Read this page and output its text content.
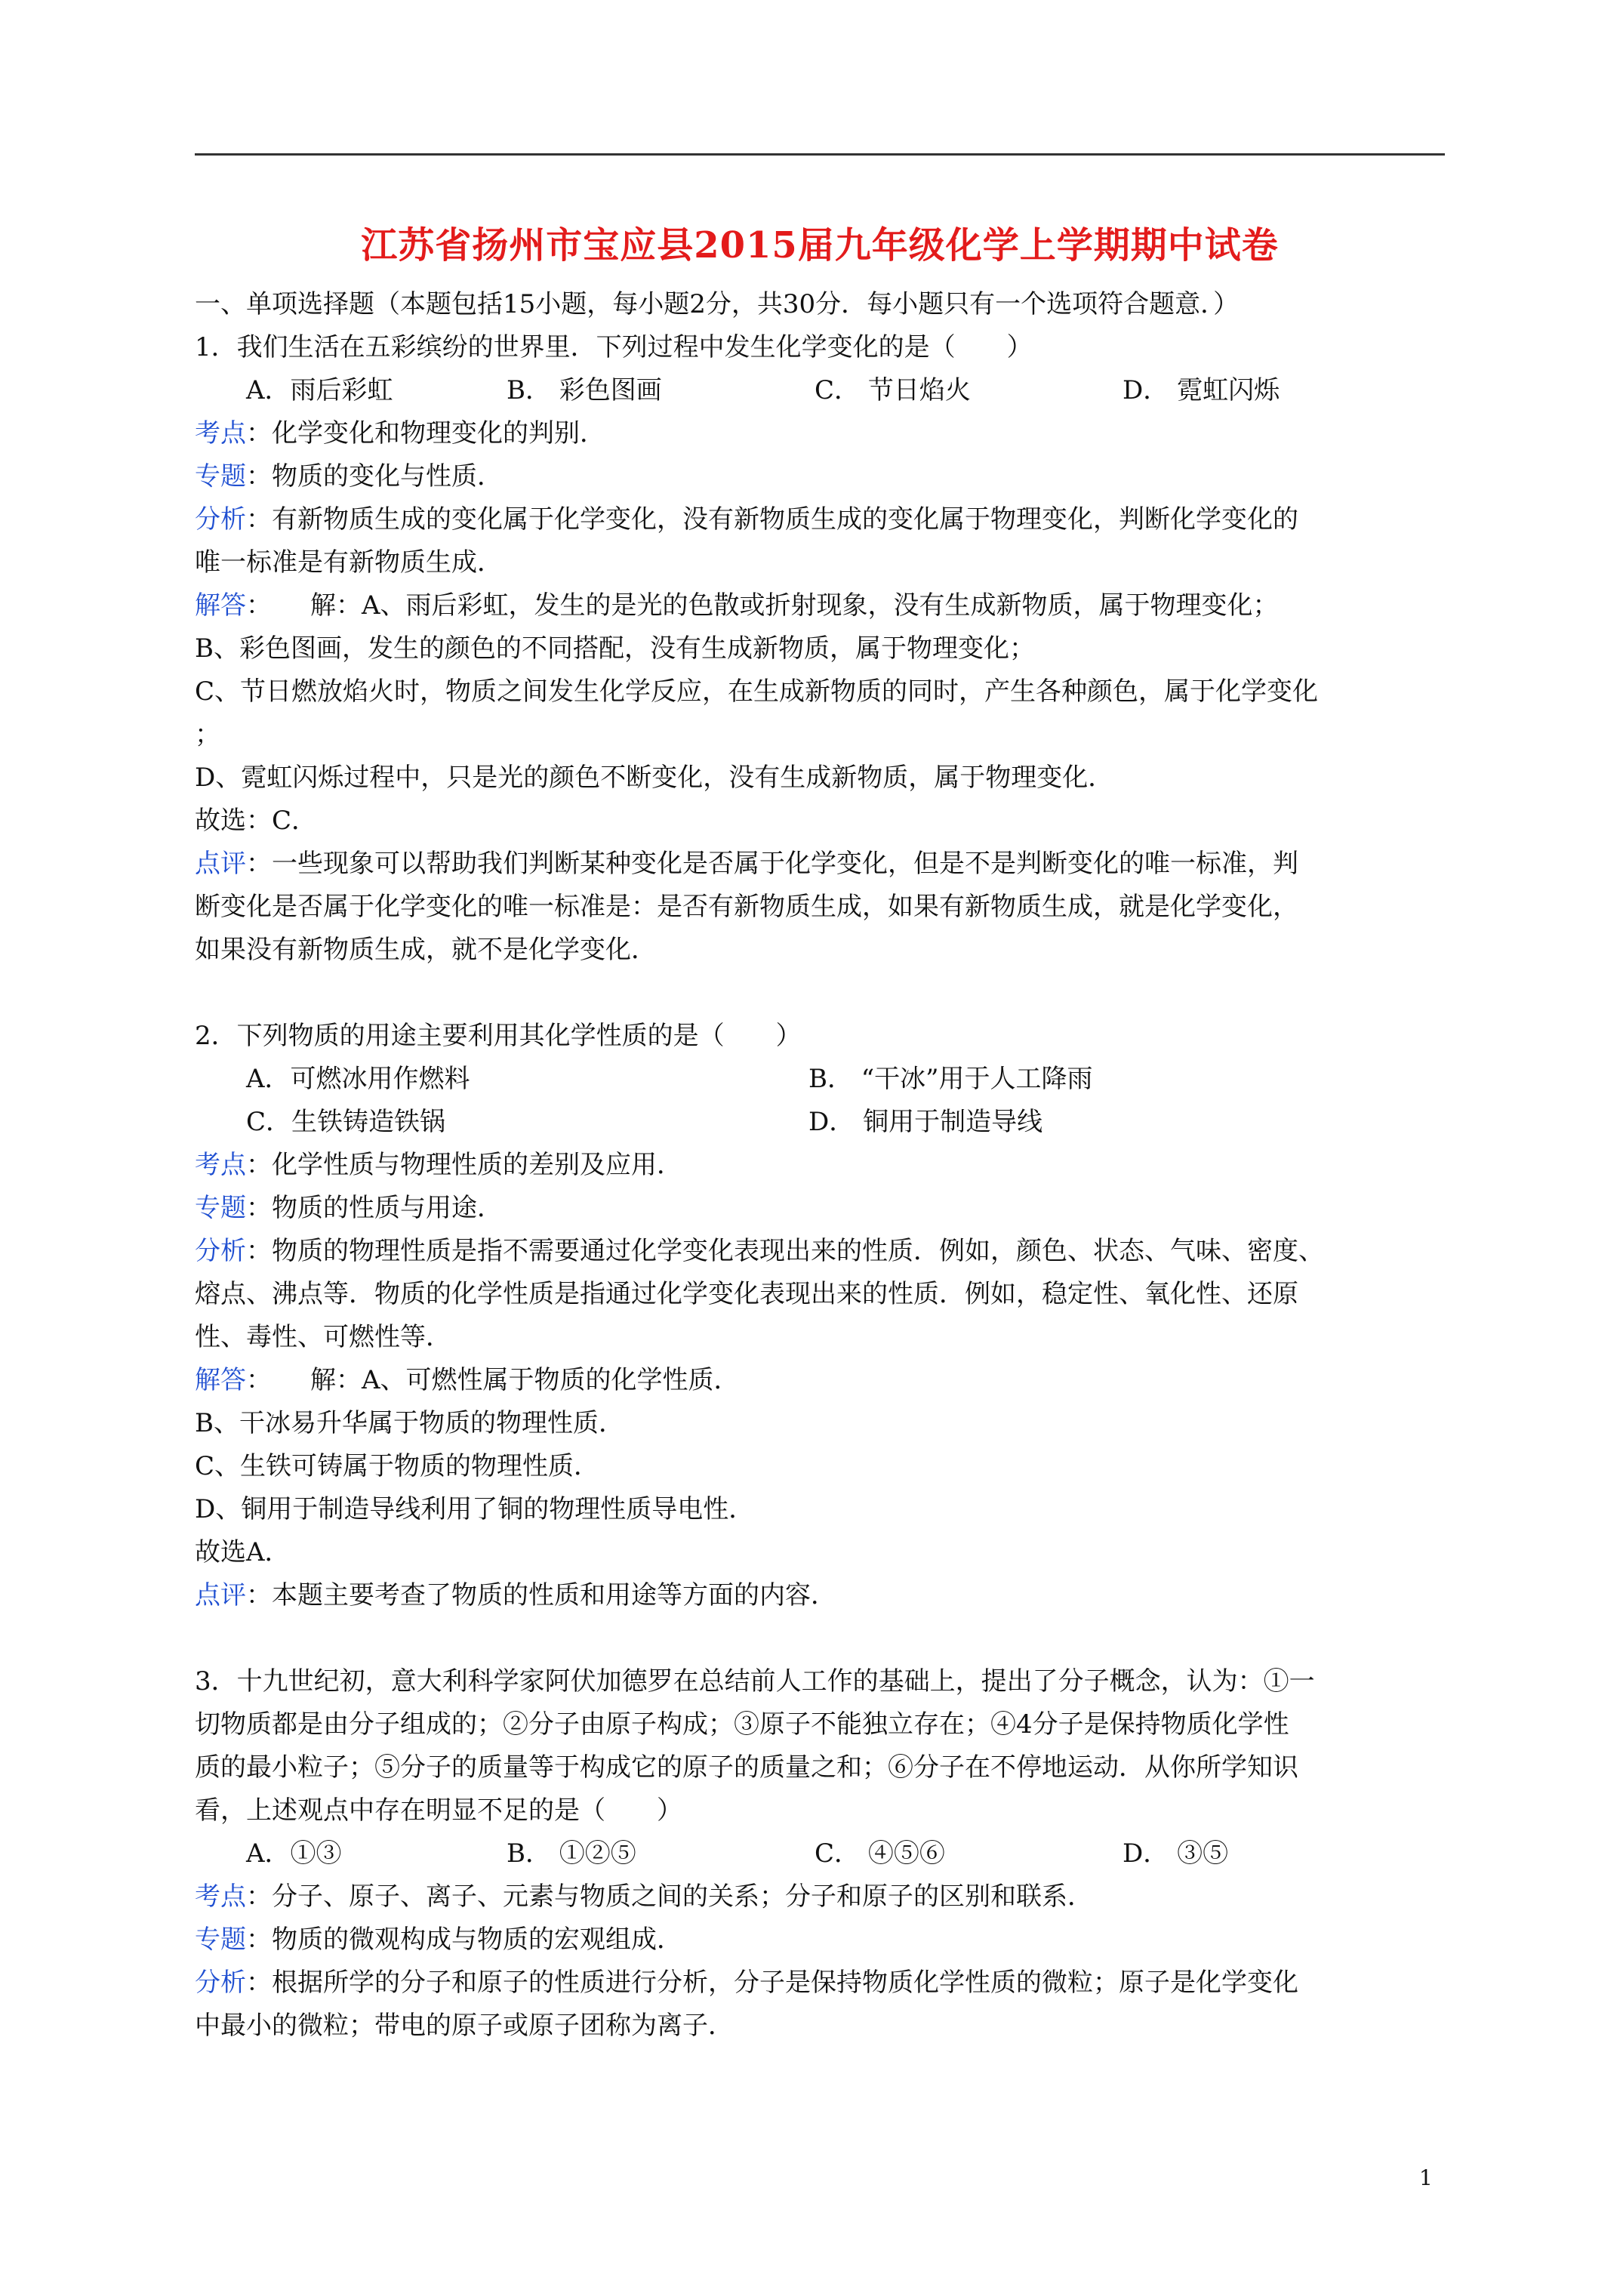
江苏省扬州市宝应县2015届九年级化学上学期期中试卷
一、单项选择题（本题包括15小题，每小题2分，共30分．每小题只有一个选项符合题意．）
1．我们生活在五彩缤纷的世界里．下列过程中发生化学变化的是（　　）
A．雨后彩虹	B． 彩色图画	C． 节日焰火	D． 霓虹闪烁
考点：化学变化和物理变化的判别．
专题：物质的变化与性质．
分析：有新物质生成的变化属于化学变化，没有新物质生成的变化属于物理变化，判断化学变化的
唯一标准是有新物质生成．
解答：　　解：A、雨后彩虹，发生的是光的色散或折射现象，没有生成新物质，属于物理变化；
B、彩色图画，发生的颜色的不同搭配，没有生成新物质，属于物理变化；
C、节日燃放焰火时，物质之间发生化学反应，在生成新物质的同时，产生各种颜色，属于化学变化
；
D、霓虹闪烁过程中，只是光的颜色不断变化，没有生成新物质，属于物理变化．
故选：C．
点评：一些现象可以帮助我们判断某种变化是否属于化学变化，但是不是判断变化的唯一标准，判
断变化是否属于化学变化的唯一标准是：是否有新物质生成，如果有新物质生成，就是化学变化，
如果没有新物质生成，就不是化学变化．
2．下列物质的用途主要利用其化学性质的是（　　）
A．可燃冰用作燃料	B． “干冰”用于人工降雨
C．生铁铸造铁锅	D． 铜用于制造导线
考点：化学性质与物理性质的差别及应用．
专题：物质的性质与用途．
分析：物质的物理性质是指不需要通过化学变化表现出来的性质．例如，颜色、状态、气味、密度、
熔点、沸点等．物质的化学性质是指通过化学变化表现出来的性质．例如，稳定性、氧化性、还原
性、毒性、可燃性等．
解答：　　解：A、可燃性属于物质的化学性质．
B、干冰易升华属于物质的物理性质．
C、生铁可铸属于物质的物理性质．
D、铜用于制造导线利用了铜的物理性质导电性．
故选A．
点评：本题主要考查了物质的性质和用途等方面的内容．
3．十九世纪初，意大利科学家阿伏加德罗在总结前人工作的基础上，提出了分子概念，认为：①一
切物质都是由分子组成的；②分子由原子构成；③原子不能独立存在；④4分子是保持物质化学性
质的最小粒子；⑤分子的质量等于构成它的原子的质量之和；⑥分子在不停地运动．从你所学知识
看，上述观点中存在明显不足的是（　　）
A．①③	B． ①②⑤	C． ④⑤⑥	D． ③⑤
考点：分子、原子、离子、元素与物质之间的关系；分子和原子的区别和联系．
专题：物质的微观构成与物质的宏观组成．
分析：根据所学的分子和原子的性质进行分析，分子是保持物质化学性质的微粒；原子是化学变化
中最小的微粒；带电的原子或原子团称为离子．
1
